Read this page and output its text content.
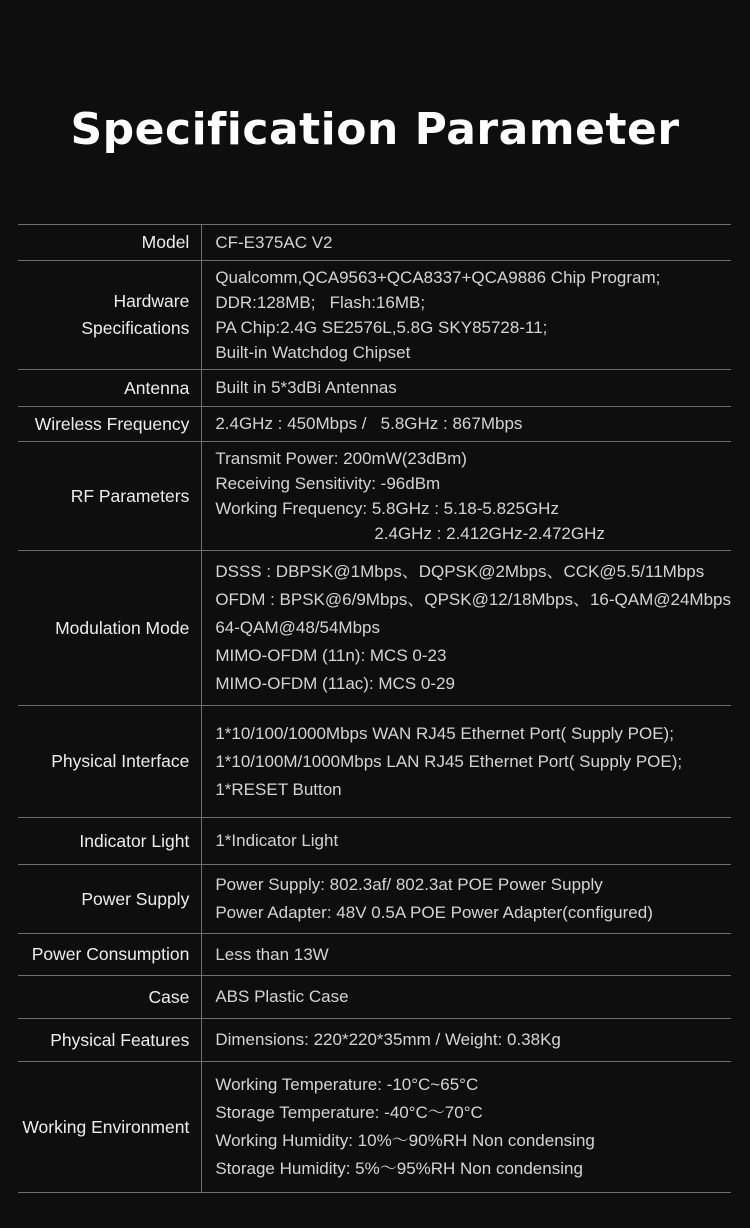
Specification Parameter
Model	CF-E375AC V2

Hardware
Specifications	Qualcomm,QCA9563+QCA8337+QCA9886 Chip Program;
DDR:128MB;   Flash:16MB;
PA Chip:2.4G SE2576L,5.8G SKY85728-11;
Built-in Watchdog Chipset

Antenna	Built in 5*3dBi Antennas

Wireless Frequency	2.4GHz : 450Mbps /   5.8GHz : 867Mbps

RF Parameters	Transmit Power: 200mW(23dBm)
Receiving Sensitivity: -96dBm
Working Frequency: 5.8GHz : 5.18-5.825GHz
2.4GHz : 2.412GHz-2.472GHz

Modulation Mode	DSSS : DBPSK@1Mbps、DQPSK@2Mbps、CCK@5.5/11Mbps
OFDM : BPSK@6/9Mbps、QPSK@12/18Mbps、16-QAM@24Mbps
64-QAM@48/54Mbps
MIMO-OFDM (11n): MCS 0-23
MIMO-OFDM (11ac): MCS 0-29

Physical Interface	1*10/100/1000Mbps WAN RJ45 Ethernet Port( Supply POE);
1*10/100M/1000Mbps LAN RJ45 Ethernet Port( Supply POE);
1*RESET Button

Indicator Light	1*Indicator Light

Power Supply	Power Supply: 802.3af/ 802.3at POE Power Supply
Power Adapter: 48V 0.5A POE Power Adapter(configured)

Power Consumption	Less than 13W

Case	ABS Plastic Case

Physical Features	Dimensions: 220*220*35mm / Weight: 0.38Kg

Working Environment	Working Temperature: -10°C~65°C
Storage Temperature: -40°C～70°C
Working Humidity: 10%～90%RH Non condensing
Storage Humidity: 5%～95%RH Non condensing
